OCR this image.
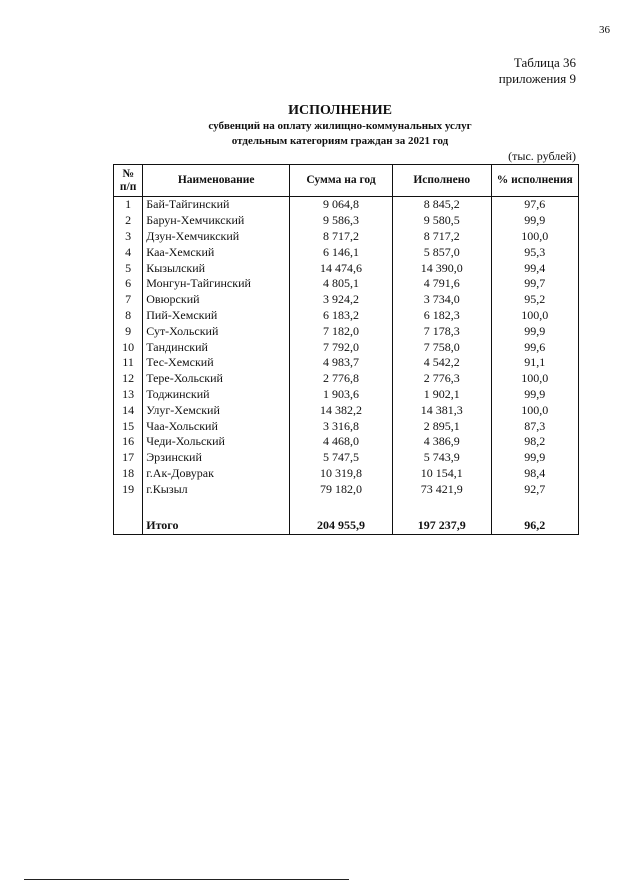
36
Таблица 36
приложения 9
ИСПОЛНЕНИЕ
субвенций на оплату жилищно-коммунальных услуг
отдельным категориям граждан за 2021 год
(тыс. рублей)
№ п/п	Наименование	Сумма на год	Исполнено	% исполнения
1	Бай-Тайгинский	9 064,8	8 845,2	97,6
2	Барун-Хемчикский	9 586,3	9 580,5	99,9
3	Дзун-Хемчикский	8 717,2	8 717,2	100,0
4	Каа-Хемский	6 146,1	5 857,0	95,3
5	Кызылский	14 474,6	14 390,0	99,4
6	Монгун-Тайгинский	4 805,1	4 791,6	99,7
7	Овюрский	3 924,2	3 734,0	95,2
8	Пий-Хемский	6 183,2	6 182,3	100,0
9	Сут-Хольский	7 182,0	7 178,3	99,9
10	Тандинский	7 792,0	7 758,0	99,6
11	Тес-Хемский	4 983,7	4 542,2	91,1
12	Тере-Хольский	2 776,8	2 776,3	100,0
13	Тоджинский	1 903,6	1 902,1	99,9
14	Улуг-Хемский	14 382,2	14 381,3	100,0
15	Чаа-Хольский	3 316,8	2 895,1	87,3
16	Чеди-Хольский	4 468,0	4 386,9	98,2
17	Эрзинский	5 747,5	5 743,9	99,9
18	г.Ак-Довурак	10 319,8	10 154,1	98,4
19	г.Кызыл	79 182,0	73 421,9	92,7

	Итого	204 955,9	197 237,9	96,2
